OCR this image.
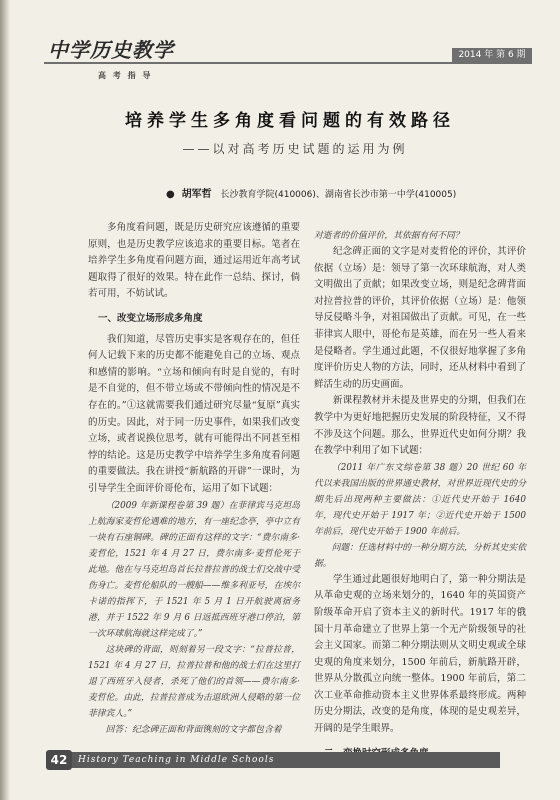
中学历史教学	2014 年 第 6 期
高 考 指 导
培养学生多角度看问题的有效路径
——以对高考历史试题的运用为例
● 胡军哲 长沙教育学院(410006)、湖南省长沙市第一中学(410005)

多角度看问题，既是历史研究应该遵循的重要原则，也是历史教学应该追求的重要目标。笔者在培养学生多角度看问题方面，通过运用近年高考试题取得了很好的效果。特在此作一总结、探讨，倘若可用，不妨试试。

一、改变立场形成多角度

我们知道，尽管历史事实是客观存在的，但任何人记载下来的历史都不能避免自己的立场、观点和感情的影响。“立场和倾向有时是自觉的，有时是不自觉的，但不带立场或不带倾向性的情况是不存在的。”①这就需要我们通过研究尽量“复原”真实的历史。因此，对于同一历史事件，如果我们改变立场，或者说换位思考，就有可能得出不同甚至相悖的结论。这是历史教学中培养学生多角度看问题的重要做法。我在讲授“新航路的开辟”一课时，为引导学生全面评价哥伦布，运用了如下试题：

（2009 年新课程卷第 39 题）在菲律宾马克坦岛上航海家麦哲伦遇难的地方，有一座纪念亭，亭中立有一块有石座铜碑。碑的正面有这样的文字：“费尔南多·麦哲伦，1521 年 4 月 27 日，费尔南多·麦哲伦死于此地。他在与马克坦岛首长拉普拉普的战士们交战中受伤身亡。麦哲伦船队的一艘船——维多利亚号，在埃尔卡诺的指挥下，于 1521 年 5 月 1 日开航驶离宿务港，并于 1522 年 9 月 6 日返抵西班牙港口停泊，第一次环球航海就这样完成了。”

这块碑的背面，则刻着另一段文字：“拉普拉普，1521 年 4 月 27 日，拉普拉普和他的战士们在这里打退了西班牙入侵者，杀死了他们的首领——费尔南多·麦哲伦。由此，拉普拉普成为击退欧洲人侵略的第一位菲律宾人。”

回答：纪念碑正面和背面镌刻的文字都包含着

对逝者的价值评价，其依据有何不同？

纪念碑正面的文字是对麦哲伦的评价，其评价依据（立场）是：领导了第一次环球航海，对人类文明做出了贡献；如果改变立场，则是纪念碑背面对拉普拉普的评价，其评价依据（立场）是：他领导反侵略斗争，对祖国做出了贡献。可见，在一些菲律宾人眼中，哥伦布是英雄，而在另一些人看来是侵略者。学生通过此题，不仅很好地掌握了多角度评价历史人物的方法，同时，还从材料中看到了鲜活生动的历史画面。

新课程教材并未提及世界史的分期，但我们在教学中为更好地把握历史发展的阶段特征，又不得不涉及这个问题。那么，世界近代史如何分期？我在教学中利用了如下试题：

（2011 年广东文综卷第 38 题）20 世纪 60 年代以来我国出版的世界通史教材，对世界近现代史的分期先后出现两种主要做法：①近代史开始于 1640 年，现代史开始于 1917 年；②近代史开始于 1500 年前后，现代史开始于 1900 年前后。

问题：任选材料中的一种分期方法，分析其史实依据。

学生通过此题很好地明白了，第一种分期法是从革命史观的立场来划分的，1640 年的英国资产阶级革命开启了资本主义的新时代。1917 年的俄国十月革命建立了世界上第一个无产阶级领导的社会主义国家。而第二种分期法则从文明史观或全球史观的角度来划分，1500 年前后，新航路开辟，世界从分散孤立向统一整体。1900 年前后，第二次工业革命推动资本主义世界体系最终形成。两种历史分期法，改变的是角度，体现的是史观差异，开阔的是学生眼界。

42	History Teaching in Middle Schools
